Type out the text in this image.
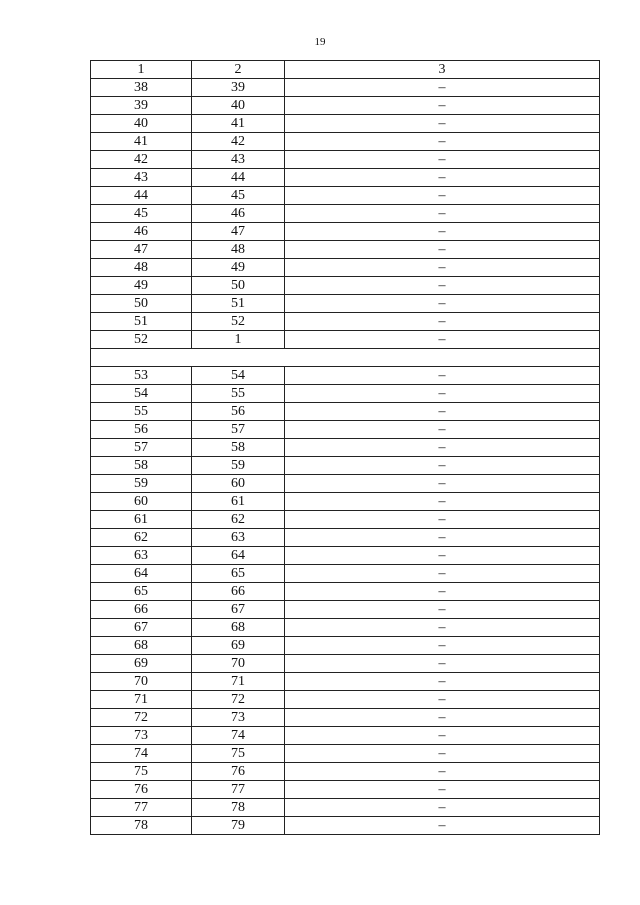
19
1	2	3
38	39	–
39	40	–
40	41	–
41	42	–
42	43	–
43	44	–
44	45	–
45	46	–
46	47	–
47	48	–
48	49	–
49	50	–
50	51	–
51	52	–
52	1	–

53	54	–
54	55	–
55	56	–
56	57	–
57	58	–
58	59	–
59	60	–
60	61	–
61	62	–
62	63	–
63	64	–
64	65	–
65	66	–
66	67	–
67	68	–
68	69	–
69	70	–
70	71	–
71	72	–
72	73	–
73	74	–
74	75	–
75	76	–
76	77	–
77	78	–
78	79	–
